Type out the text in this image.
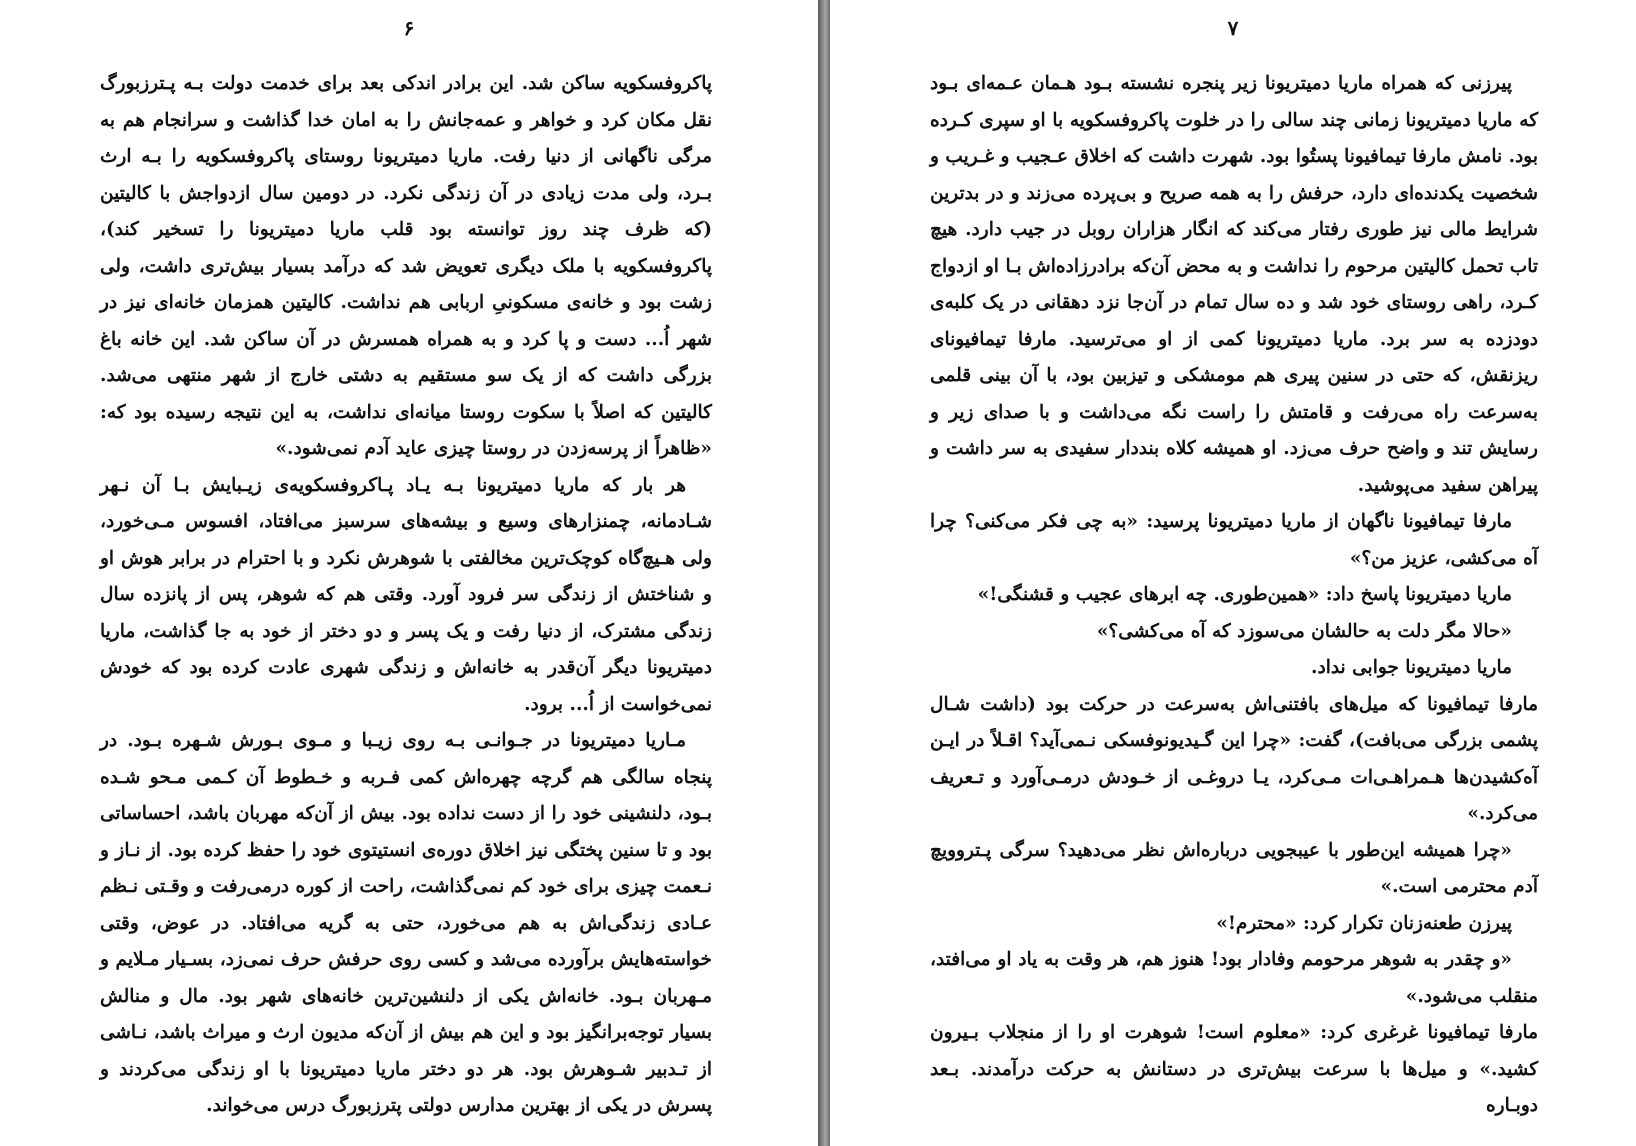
۶

پاکروفسکویه ساکن شد. این برادر اندکی بعد برای خدمت دولت بـه پـترزبورگ نقل مکان کرد و خواهر و عمه‌جانش را به امان خدا گذاشت و سرانجام هم به مرگی ناگهانی از دنیا رفت. ماریا دمیتریونا روستای پاکروفسکویه را بـه ارث بـرد، ولی مدت زیادی در آن زندگی نکرد. در دومین سال ازدواجش با کالیتین (که ظرف چند روز توانسته بود قلب ماریا دمیتریونا را تسخیر کند)، پاکروفسکویه با ملک دیگری تعویض شد که درآمد بسیار بیش‌تری داشت، ولی زشت بود و خانه‌ی مسکونیِ اربابی هم نداشت. کالیتین همزمان خانه‌ای نیز در شهر اُ... دست و پا کرد و به همراه همسرش در آن ساکن شد. این خانه باغ بزرگی داشت که از یک سو مستقیم به دشتی خارج از شهر منتهی می‌شد. کالیتین که اصلاً با سکوت روستا میانه‌ای نداشت، به این نتیجه رسیده بود که: «ظاهراً از پرسه‌زدن در روستا چیزی عاید آدم نمی‌شود.»

هر بار که ماریا دمیتریونا بـه یـاد پـاکروفسکویه‌ی زیـبایش بـا آن نـهر شـادمانه، چمنزارهای وسیع و بیشه‌های سرسبز می‌افتاد، افسوس مـی‌خورد، ولی هـیچ‌گاه کوچک‌ترین مخالفتی با شوهرش نکرد و با احترام در برابر هوش او و شناختش از زندگی سر فرود آورد. وقتی هم که شوهر، پس از پانزده سال زندگی مشترک، از دنیا رفت و یک پسر و دو دختر از خود به جا گذاشت، ماریا دمیتریونا دیگر آن‌قدر به خانه‌اش و زندگی شهری عادت کرده بود که خودش نمی‌خواست از اُ... برود.

مـاریا دمیتریونا در جـوانـی بـه روی زیـبا و مـوی بـورش شـهره بـود. در پنجاه سالگی هم گرچه چهره‌اش کمی فـربه و خـطوط آن کـمی مـحو شـده بـود، دلنشینی خود را از دست نداده بود. بیش از آن‌که مهربان باشد، احساساتی بود و تا سنین پختگی نیز اخلاق دوره‌ی انستیتوی خود را حفظ کرده بود. از نـاز و نـعمت چیزی برای خود کم نمی‌گذاشت، راحت از کوره درمی‌رفت و وقـتی نـظم عـادی زندگی‌اش به هم می‌خورد، حتی به گریه می‌افتاد. در عوض، وقتی خواسته‌هایش برآورده می‌شد و کسی روی حرفش حرف نمی‌زد، بسـیار مـلایم و مـهربان بـود. خانه‌اش یکی از دلنشین‌ترین خانه‌های شهر بود. مال و منالش بسیار توجه‌برانگیز بود و این هم بیش از آن‌که مدیون ارث و میراث باشد، نـاشی از تـدبیر شـوهرش بود. هر دو دختر ماریا دمیتریونا با او زندگی می‌کردند و پسرش در یکی از بهترین مدارس دولتی پترزبورگ درس می‌خواند.

۷

پیرزنی که همراه ماریا دمیتریونا زیر پنجره نشسته بـود هـمان عـمه‌ای بـود که ماریا دمیتریونا زمانی چند سالی را در خلوت پاکروفسکویه با او سپری کـرده بود. نامش مارفا تیمافیونا پستُوا بود. شهرت داشت که اخلاق عـجیب و غـریب و شخصیت یکدنده‌ای دارد، حرفش را به همه صریح و بی‌پرده می‌زند و در بدترین شرایط مالی نیز طوری رفتار می‌کند که انگار هزاران روبل در جیب دارد. هیچ تاب تحمل کالیتین مرحوم را نداشت و به محض آن‌که برادرزاده‌اش بـا او ازدواج کـرد، راهی روستای خود شد و ده سال تمام در آن‌جا نزد دهقانی در یک کلبه‌ی دودزده به سر برد. ماریا دمیتریونا کمی از او می‌ترسید. مارفا تیمافیونای ریزنقش، که حتی در سنین پیری هم مومشکی و تیزبین بود، با آن بینی قلمی به‌سرعت راه می‌رفت و قامتش را راست نگه می‌داشت و با صدای زیر و رسایش تند و واضح حرف می‌زد. او همیشه کلاه بنددار سفیدی به سر داشت و پیراهن سفید می‌پوشید.

مارفا تیمافیونا ناگهان از ماریا دمیتریونا پرسید: «به چی فکر می‌کنی؟ چرا آه می‌کشی، عزیز من؟»

ماریا دمیتریونا پاسخ داد: «همین‌طوری. چه ابرهای عجیب و قشنگی!»

«حالا مگر دلت به حالشان می‌سوزد که آه می‌کشی؟»

ماریا دمیتریونا جوابی نداد.

مارفا تیمافیونا که میل‌های بافتنی‌اش به‌سرعت در حرکت بود (داشت شـال پشمی بزرگی می‌بافت)، گفت: «چرا این گـیدیونوفسکی نـمی‌آید؟ اقـلاً در ایـن آه‌کشیدن‌ها هـمراهـی‌ات مـی‌کرد، یـا دروغـی از خـودش درمـی‌آورد و تـعریف می‌کرد.»

«چرا همیشه این‌طور با عیبجویی درباره‌اش نظر می‌دهید؟ سرگی پـتروویچ آدم محترمی است.»

پیرزن طعنه‌زنان تکرار کرد: «محترم!»

«و چقدر به شوهر مرحومم وفادار بود! هنوز هم، هر وقت به یاد او می‌افتد، منقلب می‌شود.»

مارفا تیمافیونا غرغری کرد: «معلوم است! شوهرت او را از منجلاب بـیرون کشید.» و میل‌ها با سرعت بیش‌تری در دستانش به حرکت درآمدند. بـعد دوبـاره
